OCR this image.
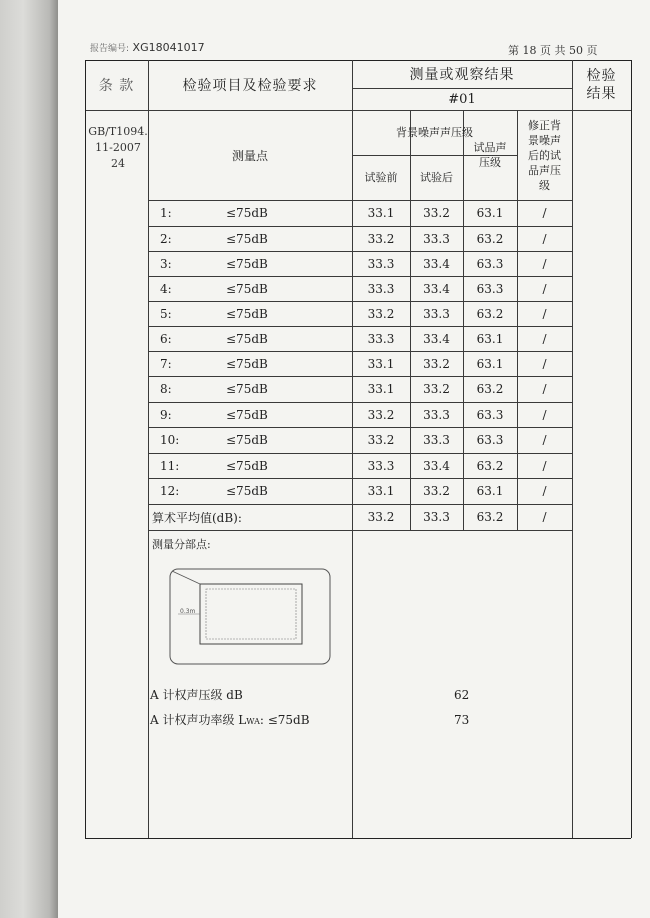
报告编号: XG18041017	第 18 页 共 50 页
条 款	检验项目及检验要求
测量或观察结果
#01
检验
结果
GB/T1094.
11-2007
24
测量点
背景噪声声压级
试验前	试验后
试品声
压级
修正背
景噪声
后的试
品声压
级
1:	≤75dB	33.1	33.2	63.1	/
2:	≤75dB	33.2	33.3	63.2	/
3:	≤75dB	33.3	33.4	63.3	/
4:	≤75dB	33.3	33.4	63.3	/
5:	≤75dB	33.2	33.3	63.2	/
6:	≤75dB	33.3	33.4	63.1	/
7:	≤75dB	33.1	33.2	63.1	/
8:	≤75dB	33.1	33.2	63.2	/
9:	≤75dB	33.2	33.3	63.3	/
10:	≤75dB	33.2	33.3	63.3	/
11:	≤75dB	33.3	33.4	63.2	/
12:	≤75dB	33.1	33.2	63.1	/
算术平均值(dB):	33.2	33.3	63.2	/
测量分部点:
0.3m
A 计权声压级 dB	62
A 计权声功率级 LWA: ≤75dB	73
